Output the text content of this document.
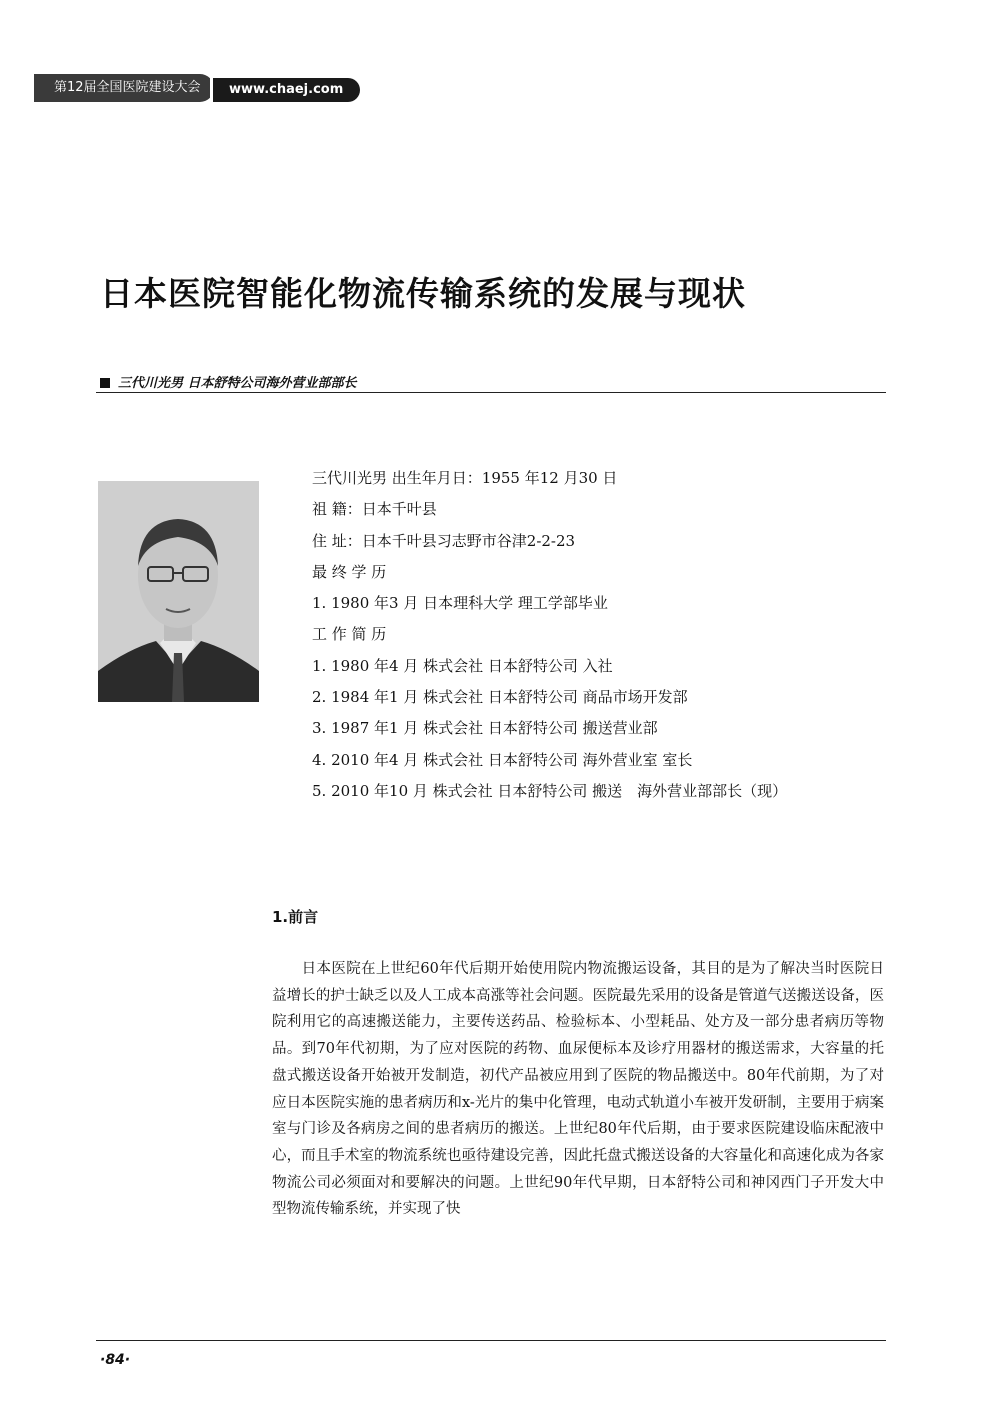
第12届全国医院建设大会	www.chaej.com
日本医院智能化物流传输系统的发展与现状
三代川光男 日本舒特公司海外营业部部长
三代川光男 出生年月日：1955 年12 月30 日
祖 籍：日本千叶县
住 址：日本千叶县习志野市谷津2-2-23
最 终 学 历
1. 1980 年3 月 日本理科大学 理工学部毕业
工 作 简 历
1. 1980 年4 月 株式会社 日本舒特公司 入社
2. 1984 年1 月 株式会社 日本舒特公司 商品市场开发部
3. 1987 年1 月 株式会社 日本舒特公司 搬送营业部
4. 2010 年4 月 株式会社 日本舒特公司 海外营业室 室长
5. 2010 年10 月 株式会社 日本舒特公司 搬送　海外营业部部长（现）
1.前言
　　日本医院在上世纪60年代后期开始使用院内物流搬运设备，其目的是为了解决当时医院日益增长的护士缺乏以及人工成本高涨等社会问题。医院最先采用的设备是管道气送搬送设备，医院利用它的高速搬送能力，主要传送药品、检验标本、小型耗品、处方及一部分患者病历等物品。到70年代初期，为了应对医院的药物、血尿便标本及诊疗用器材的搬送需求，大容量的托盘式搬送设备开始被开发制造，初代产品被应用到了医院的物品搬送中。80年代前期，为了对应日本医院实施的患者病历和x-光片的集中化管理，电动式轨道小车被开发研制，主要用于病案室与门诊及各病房之间的患者病历的搬送。上世纪80年代后期，由于要求医院建设临床配液中心，而且手术室的物流系统也亟待建设完善，因此托盘式搬送设备的大容量化和高速化成为各家物流公司必须面对和要解决的问题。上世纪90年代早期，日本舒特公司和神冈西门子开发大中型物流传输系统，并实现了快
·84·
